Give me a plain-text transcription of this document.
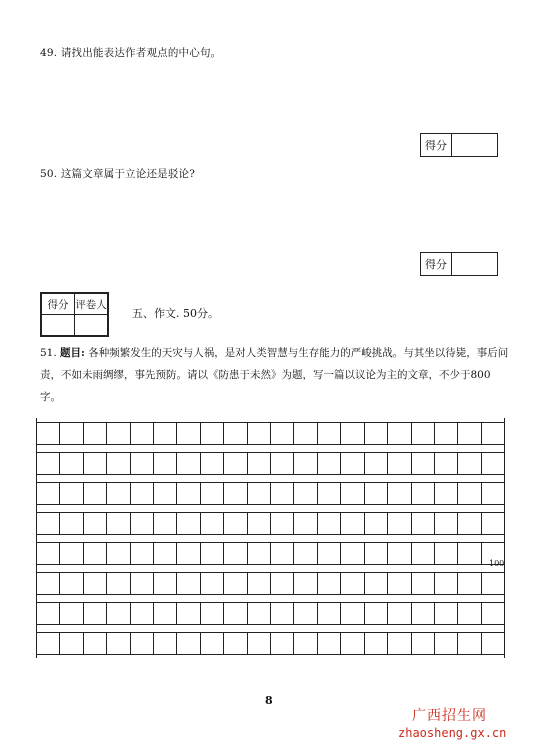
49. 请找出能表达作者观点的中心句。
得分
50. 这篇文章属于立论还是驳论?
得分
得分	评卷人

五、作文. 50分。
51. 题目: 各种频繁发生的天灾与人祸，是对人类智慧与生存能力的严峻挑战。与其坐以待毙，事后问责，不如未雨绸缪，事先预防。请以《防患于未然》为题，写一篇以议论为主的文章，不少于800字。
100
8
广西招生网
zhaosheng.gx.cn
